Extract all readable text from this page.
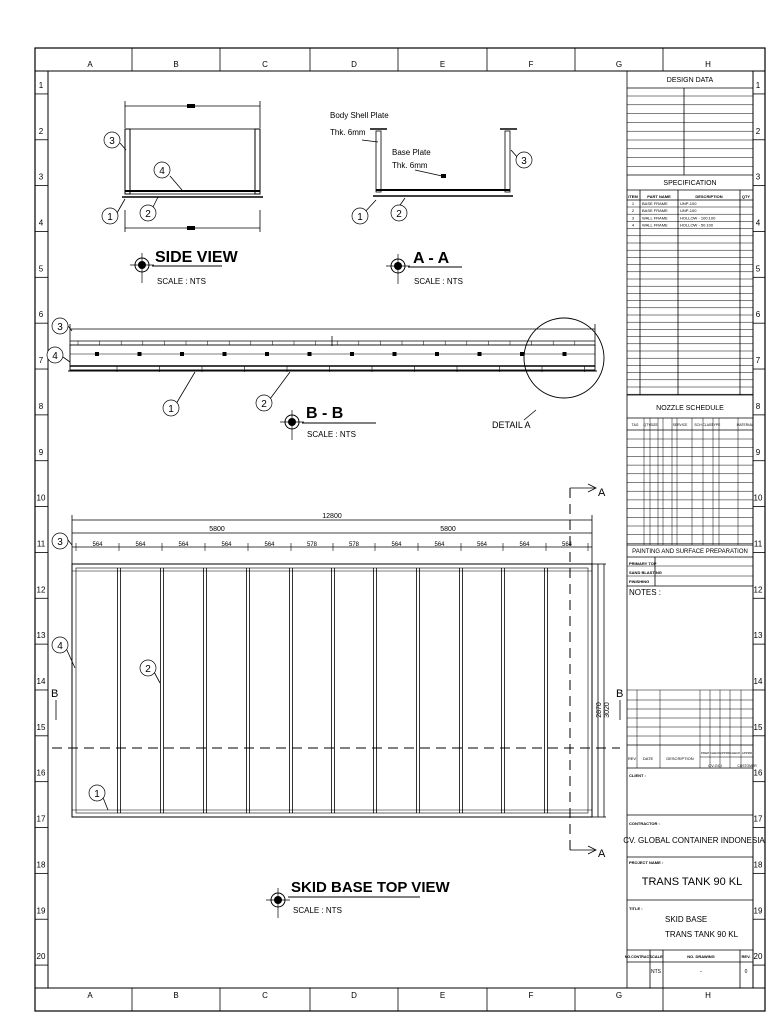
A	B	C	D	E	F	G	H
A	B	C	D	E	F	G	H
1
2
3
4
5
6
7
8
9
10
11
12
13
14
15
16
17
18
19
20
1
2
3
4
5
6
7
8
9
10
11
12
13
14
15
16
17
18
19
20
3
4
1	2
SIDE VIEW
SCALE : NTS
Body Shell Plate
Thk. 6mm
Base Plate
Thk. 6mm	3
1	2
A - A
SCALE : NTS
3
4
1	2
DETAIL A
B - B
SCALE : NTS
564	564	564	564	564	578	578	564	564	564	564	564
12800
5800	5800
2870 3020
A
A
B	B
3
4
2
1
SKID BASE TOP VIEW
SCALE : NTS
DESIGN DATA
SPECIFICATION
ITEM PART NAME	DESCRIPTION	QTY
1 BASE FRAME	UNP-100
2 BASE FRAME	UNP-100
3 WALL FRAME	HOLLOW - 100.100
4 WALL FRAME	HOLLOW - 50.100
NOZZLE SCHEDULE
TAG QTY SIZE	SERVICE SCH CLASS
TYPE	MATERIAL
PAINTING AND SURFACE PREPARATION
PRIMARY TOP
SAND BLASTING
FINISHING
NOTES :
REV DATE	DESCRIPTION
PREP CHECK APPRD CHECK APPRD
CV.GCI	CUSTOMER
CLIENT :
CONTRACTOR :
CV. GLOBAL CONTAINER INDONESIA
PROJECT NAME :
TRANS TANK 90 KL
TITLE :
SKID BASE
TRANS TANK 90 KL
NO.CONTRACT
SCALE	NO. DRAWING	REV.
NTS	-	0
